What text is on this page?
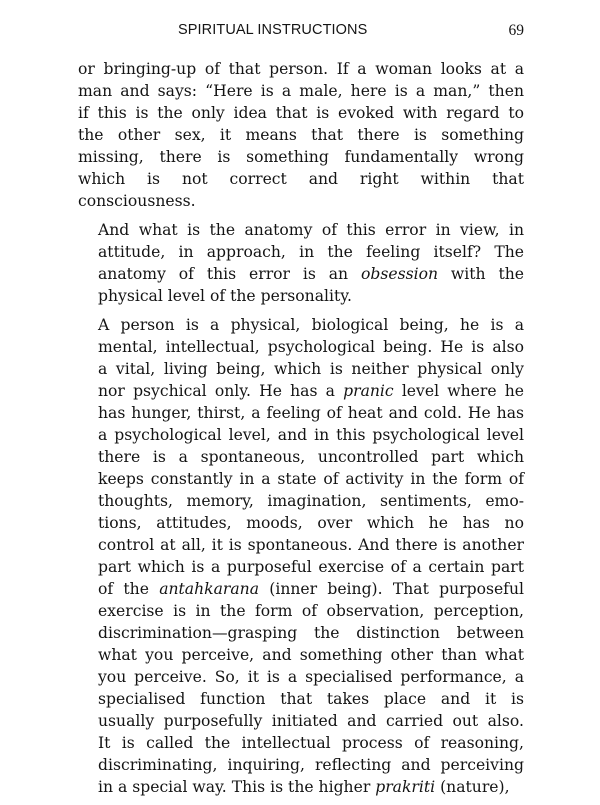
SPIRITUAL INSTRUCTIONS	69

or bringing-up of that person. If a woman looks at a
man and says: “Here is a male, here is a man,” then
if this is the only idea that is evoked with regard to
the other sex, it means that there is something
missing, there is something fundamentally wrong
which is not correct and right within that
consciousness.

And what is the anatomy of this error in view, in
attitude, in approach, in the feeling itself? The
anatomy of this error is an obsession with the
physical level of the personality.

A person is a physical, biological being, he is a
mental, intellectual, psychological being. He is also
a vital, living being, which is neither physical only
nor psychical only. He has a pranic level where he
has hunger, thirst, a feeling of heat and cold. He has
a psychological level, and in this psychological level
there is a spontaneous, uncontrolled part which
keeps constantly in a state of activity in the form of
thoughts, memory, imagination, sentiments, emo-
tions, attitudes, moods, over which he has no
control at all, it is spontaneous. And there is another
part which is a purposeful exercise of a certain part
of the antahkarana (inner being). That purposeful
exercise is in the form of observation, perception,
discrimination—grasping the distinction between
what you perceive, and something other than what
you perceive. So, it is a specialised performance, a
specialised function that takes place and it is
usually purposefully initiated and carried out also.
It is called the intellectual process of reasoning,
discriminating, inquiring, reflecting and perceiving
in a special way. This is the higher prakriti (nature),
